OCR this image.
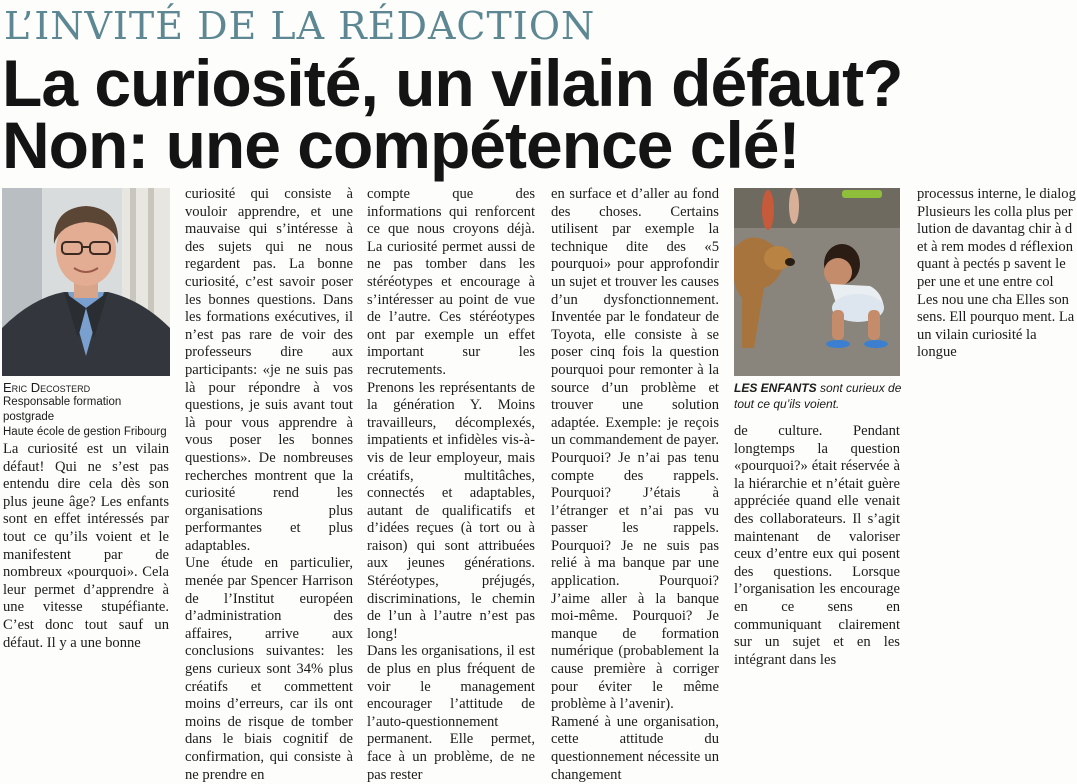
L’INVITÉ DE LA RÉDACTION
La curiosité, un vilain défaut?
Non: une compétence clé!
Eric Decosterd
Responsable formation postgrade
Haute école de gestion Fribourg

La curiosité est un vilain défaut! Qui ne s’est pas entendu dire cela dès son plus jeune âge? Les enfants sont en effet intéressés par tout ce qu’ils voient et le manifestent par de nombreux «pourquoi». Cela leur permet d’apprendre à une vitesse stupéfiante. C’est donc tout sauf un défaut. Il y a une bonne

curiosité qui consiste à vouloir apprendre, et une mauvaise qui s’intéresse à des sujets qui ne nous regardent pas. La bonne curiosité, c’est savoir poser les bonnes questions. Dans les formations exécutives, il n’est pas rare de voir des professeurs dire aux participants: «je ne suis pas là pour répondre à vos questions, je suis avant tout là pour vous apprendre à vous poser les bonnes questions». De nombreuses recherches montrent que la curiosité rend les organisations plus performantes et plus adaptables.

Une étude en particulier, menée par Spencer Harrison de l’Institut européen d’administration des affaires, arrive aux conclusions suivantes: les gens curieux sont 34% plus créatifs et commettent moins d’erreurs, car ils ont moins de risque de tomber dans le biais cognitif de confirmation, qui consiste à ne prendre en

compte que des informations qui renforcent ce que nous croyons déjà. La curiosité permet aussi de ne pas tomber dans les stéréotypes et encourage à s’intéresser au point de vue de l’autre. Ces stéréotypes ont par exemple un effet important sur les recrutements.

Prenons les représentants de la génération Y. Moins travailleurs, décomplexés, impatients et infidèles vis-à-vis de leur employeur, mais créatifs, multitâches, connectés et adaptables, autant de qualificatifs et d’idées reçues (à tort ou à raison) qui sont attribuées aux jeunes générations. Stéréotypes, préjugés, discriminations, le chemin de l’un à l’autre n’est pas long!

Dans les organisations, il est de plus en plus fréquent de voir le management encourager l’attitude de l’auto-questionnement permanent. Elle permet, face à un problème, de ne pas rester

en surface et d’aller au fond des choses. Certains utilisent par exemple la technique dite des «5 pourquoi» pour approfondir un sujet et trouver les causes d’un dysfonctionnement. Inventée par le fondateur de Toyota, elle consiste à se poser cinq fois la question pourquoi pour remonter à la source d’un problème et trouver une solution adaptée. Exemple: je reçois un commandement de payer. Pourquoi? Je n’ai pas tenu compte des rappels. Pourquoi? J’étais à l’étranger et n’ai pas vu passer les rappels. Pourquoi? Je ne suis pas relié à ma banque par une application. Pourquoi? J’aime aller à la banque moi-même. Pourquoi? Je manque de formation numérique (probablement la cause première à corriger pour éviter le même problème à l’avenir).

Ramené à une organisation, cette attitude du questionnement nécessite un changement

LES ENFANTS sont curieux de tout ce qu’ils voient.

de culture. Pendant longtemps la question «pourquoi?» était réservée à la hiérarchie et n’était guère appréciée quand elle venait des collaborateurs. Il s’agit maintenant de valoriser ceux d’entre eux qui posent des questions. Lorsque l’organisation les encourage en ce sens en communiquant clairement sur un sujet et en les intégrant dans les

processus interne, le dialog Plusieurs les colla plus per lution de davantag chir à d et à rem modes d réflexion quant à pectés p savent le per une et une entre col Les nou une cha Elles son sens. Ell pourquo ment. La un vilain curiosité la longue
